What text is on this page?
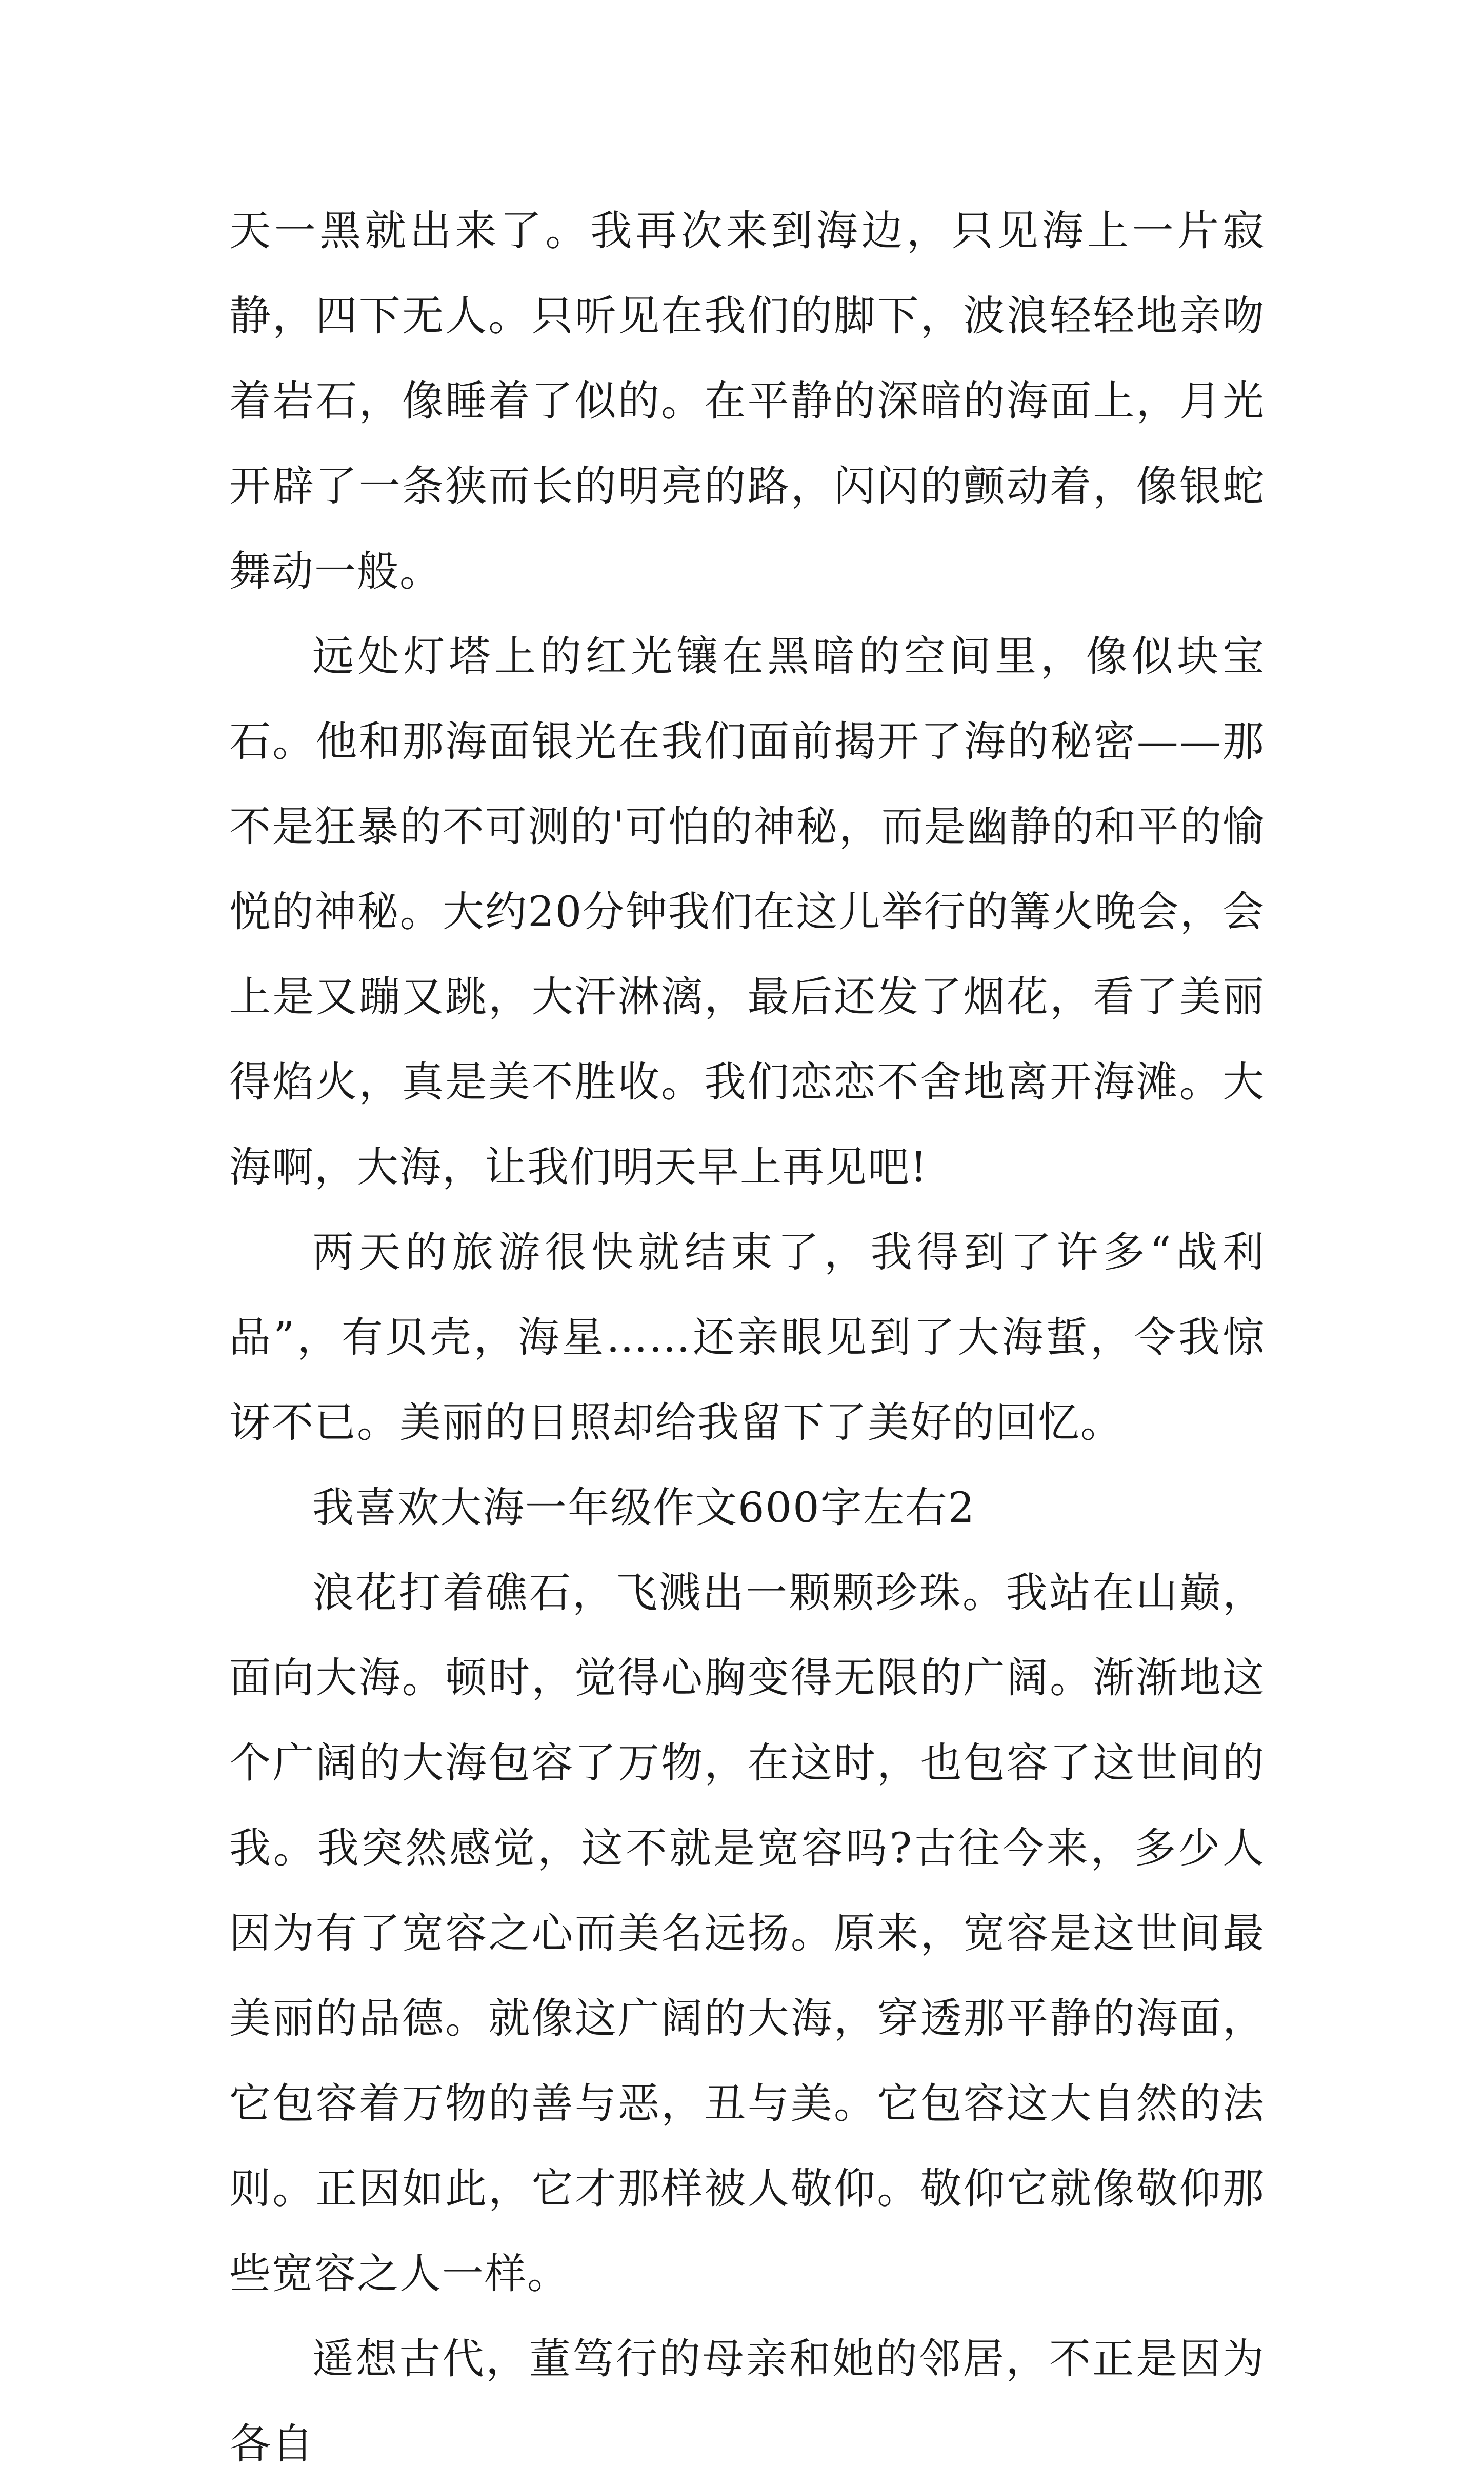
天一黑就出来了。我再次来到海边，只见海上一片寂静，四下无人。只听见在我们的脚下，波浪轻轻地亲吻着岩石，像睡着了似的。在平静的深暗的海面上，月光开辟了一条狭而长的明亮的路，闪闪的颤动着，像银蛇舞动一般。

远处灯塔上的红光镶在黑暗的空间里，像似块宝石。他和那海面银光在我们面前揭开了海的秘密——那不是狂暴的不可测的'可怕的神秘，而是幽静的和平的愉悦的神秘。大约20分钟我们在这儿举行的篝火晚会，会上是又蹦又跳，大汗淋漓，最后还发了烟花，看了美丽得焰火，真是美不胜收。我们恋恋不舍地离开海滩。大海啊，大海，让我们明天早上再见吧!

两天的旅游很快就结束了，我得到了许多“战利品”，有贝壳，海星……还亲眼见到了大海蜇，令我惊讶不已。美丽的日照却给我留下了美好的回忆。

我喜欢大海一年级作文600字左右2

浪花打着礁石，飞溅出一颗颗珍珠。我站在山巅，面向大海。顿时，觉得心胸变得无限的广阔。渐渐地这个广阔的大海包容了万物，在这时，也包容了这世间的我。我突然感觉，这不就是宽容吗?古往今来，多少人因为有了宽容之心而美名远扬。原来，宽容是这世间最美丽的品德。就像这广阔的大海，穿透那平静的海面，它包容着万物的善与恶，丑与美。它包容这大自然的法则。正因如此，它才那样被人敬仰。敬仰它就像敬仰那些宽容之人一样。

遥想古代，董笃行的母亲和她的邻居，不正是因为各自
